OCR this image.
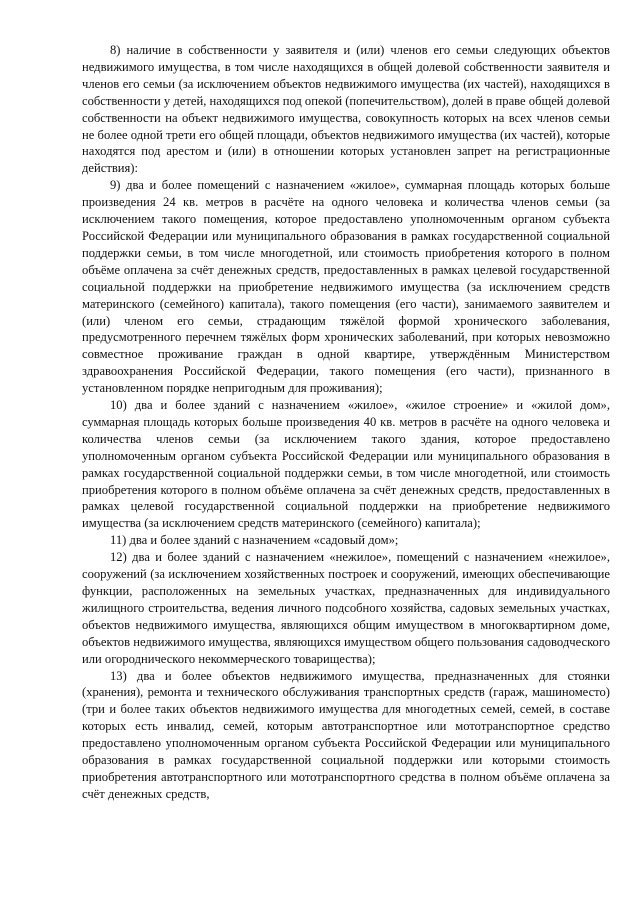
8) наличие в собственности у заявителя и (или) членов его семьи следующих объектов недвижимого имущества, в том числе находящихся в общей долевой собственности заявителя и членов его семьи (за исключением объектов недвижимого имущества (их частей), находящихся в собственности у детей, находящихся под опекой (попечительством), долей в праве общей долевой собственности на объект недвижимого имущества, совокупность которых на всех членов семьи не более одной трети его общей площади, объектов недвижимого имущества (их частей), которые находятся под арестом и (или) в отношении которых установлен запрет на регистрационные действия):

9) два и более помещений с назначением «жилое», суммарная площадь которых больше произведения 24 кв. метров в расчёте на одного человека и количества членов семьи (за исключением такого помещения, которое предоставлено уполномоченным органом субъекта Российской Федерации или муниципального образования в рамках государственной социальной поддержки семьи, в том числе многодетной, или стоимость приобретения которого в полном объёме оплачена за счёт денежных средств, предоставленных в рамках целевой государственной социальной поддержки на приобретение недвижимого имущества (за исключением средств материнского (семейного) капитала), такого помещения (его части), занимаемого заявителем и (или) членом его семьи, страдающим тяжёлой формой хронического заболевания, предусмотренного перечнем тяжёлых форм хронических заболеваний, при которых невозможно совместное проживание граждан в одной квартире, утверждённым Министерством здравоохранения Российской Федерации, такого помещения (его части), признанного в установленном порядке непригодным для проживания);

10) два и более зданий с назначением «жилое», «жилое строение» и «жилой дом», суммарная площадь которых больше произведения 40 кв. метров в расчёте на одного человека и количества членов семьи (за исключением такого здания, которое предоставлено уполномоченным органом субъекта Российской Федерации или муниципального образования в рамках государственной социальной поддержки семьи, в том числе многодетной, или стоимость приобретения которого в полном объёме оплачена за счёт денежных средств, предоставленных в рамках целевой государственной социальной поддержки на приобретение недвижимого имущества (за исключением средств материнского (семейного) капитала);

11) два и более зданий с назначением «садовый дом»;

12) два и более зданий с назначением «нежилое», помещений с назначением «нежилое», сооружений (за исключением хозяйственных построек и сооружений, имеющих обеспечивающие функции, расположенных на земельных участках, предназначенных для индивидуального жилищного строительства, ведения личного подсобного хозяйства, садовых земельных участках, объектов недвижимого имущества, являющихся общим имуществом в многоквартирном доме, объектов недвижимого имущества, являющихся имуществом общего пользования садоводческого или огороднического некоммерческого товарищества);

13) два и более объектов недвижимого имущества, предназначенных для стоянки (хранения), ремонта и технического обслуживания транспортных средств (гараж, машиноместо) (три и более таких объектов недвижимого имущества для многодетных семей, семей, в составе которых есть инвалид, семей, которым автотранспортное или мототранспортное средство предоставлено уполномоченным органом субъекта Российской Федерации или муниципального образования в рамках государственной социальной поддержки или которыми стоимость приобретения автотранспортного или мототранспортного средства в полном объёме оплачена за счёт денежных средств,
